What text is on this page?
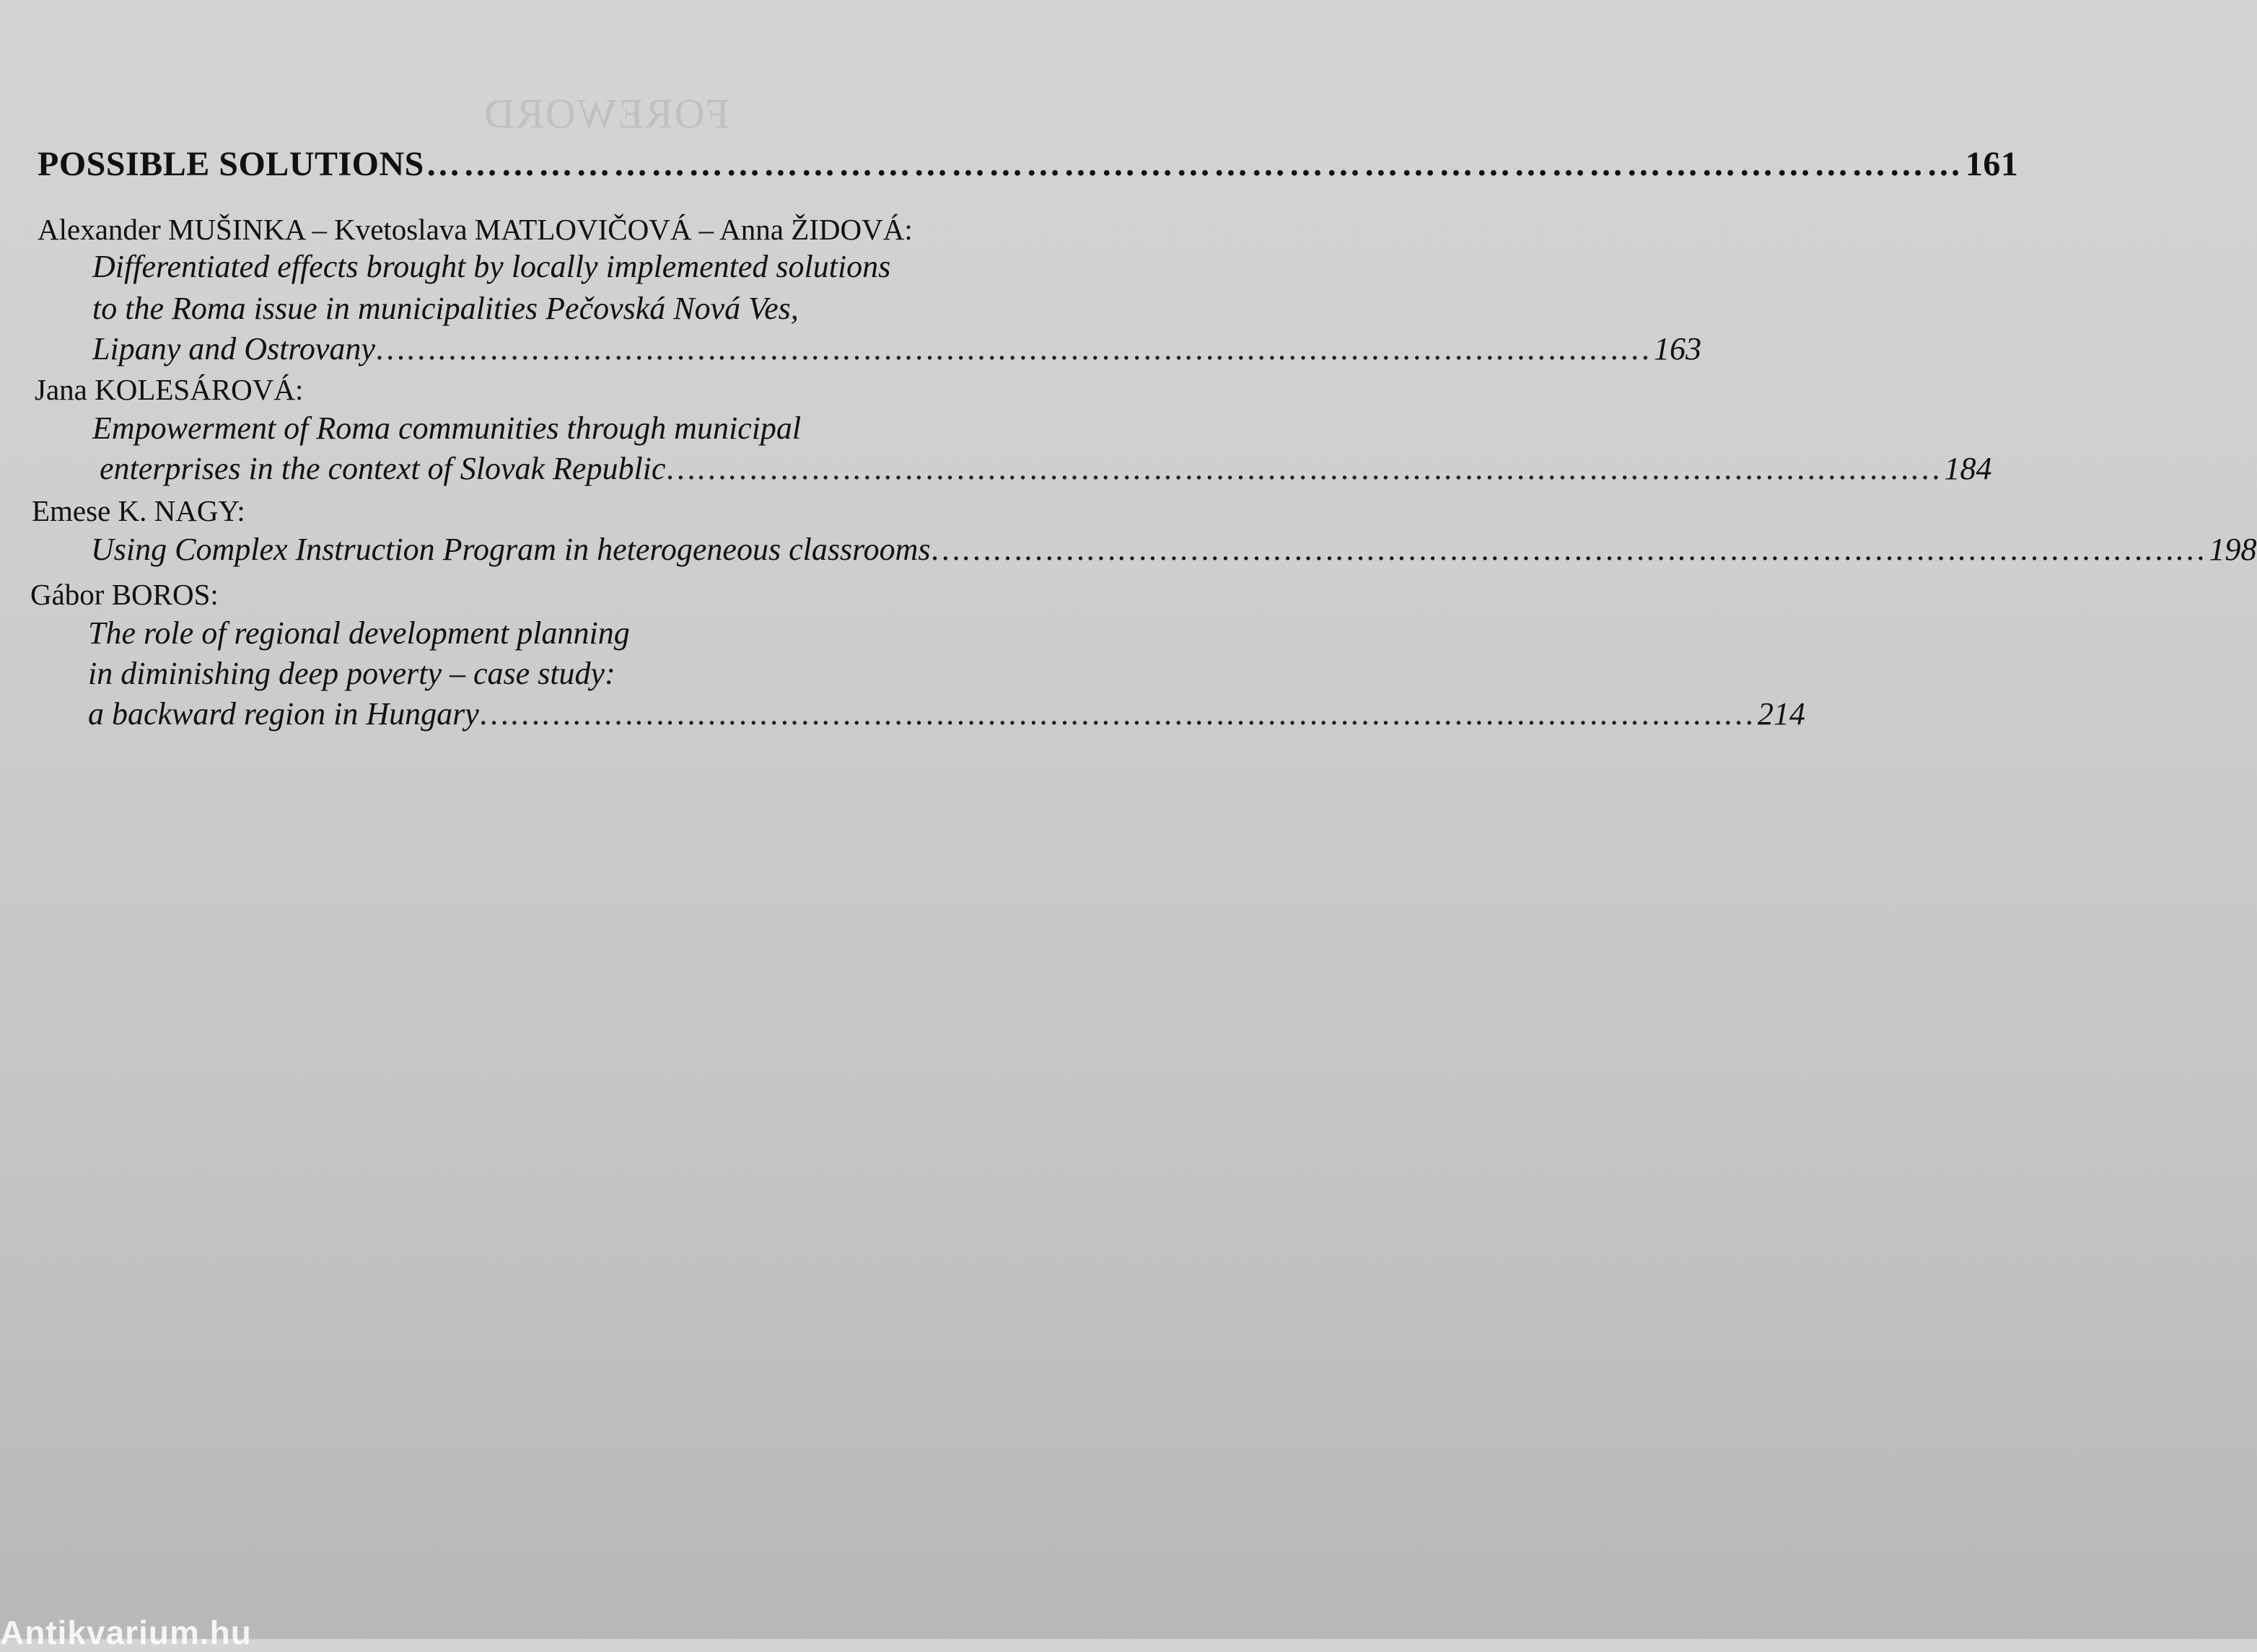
FOREWORD
POSSIBLE SOLUTIONS …………………………………………………………………………………………………………… 161
Alexander MUŠINKA – Kvetoslava MATLOVIČOVÁ – Anna ŽIDOVÁ:
Differentiated effects brought by locally implemented solutions
to the Roma issue in municipalities Pečovská Nová Ves,
Lipany and Ostrovany …………………………………………………………………………………………………………… 163
Jana KOLESÁROVÁ:
Empowerment of Roma communities through municipal
enterprises in the context of Slovak Republic …………………………………………………………………………………………………………… 184
Emese K. NAGY:
Using Complex Instruction Program in heterogeneous classrooms …………………………………………………………………………………………………………… 198
Gábor BOROS:
The role of regional development planning
in diminishing deep poverty – case study:
a backward region in Hungary …………………………………………………………………………………………………………… 214
Antikvarium.hu
